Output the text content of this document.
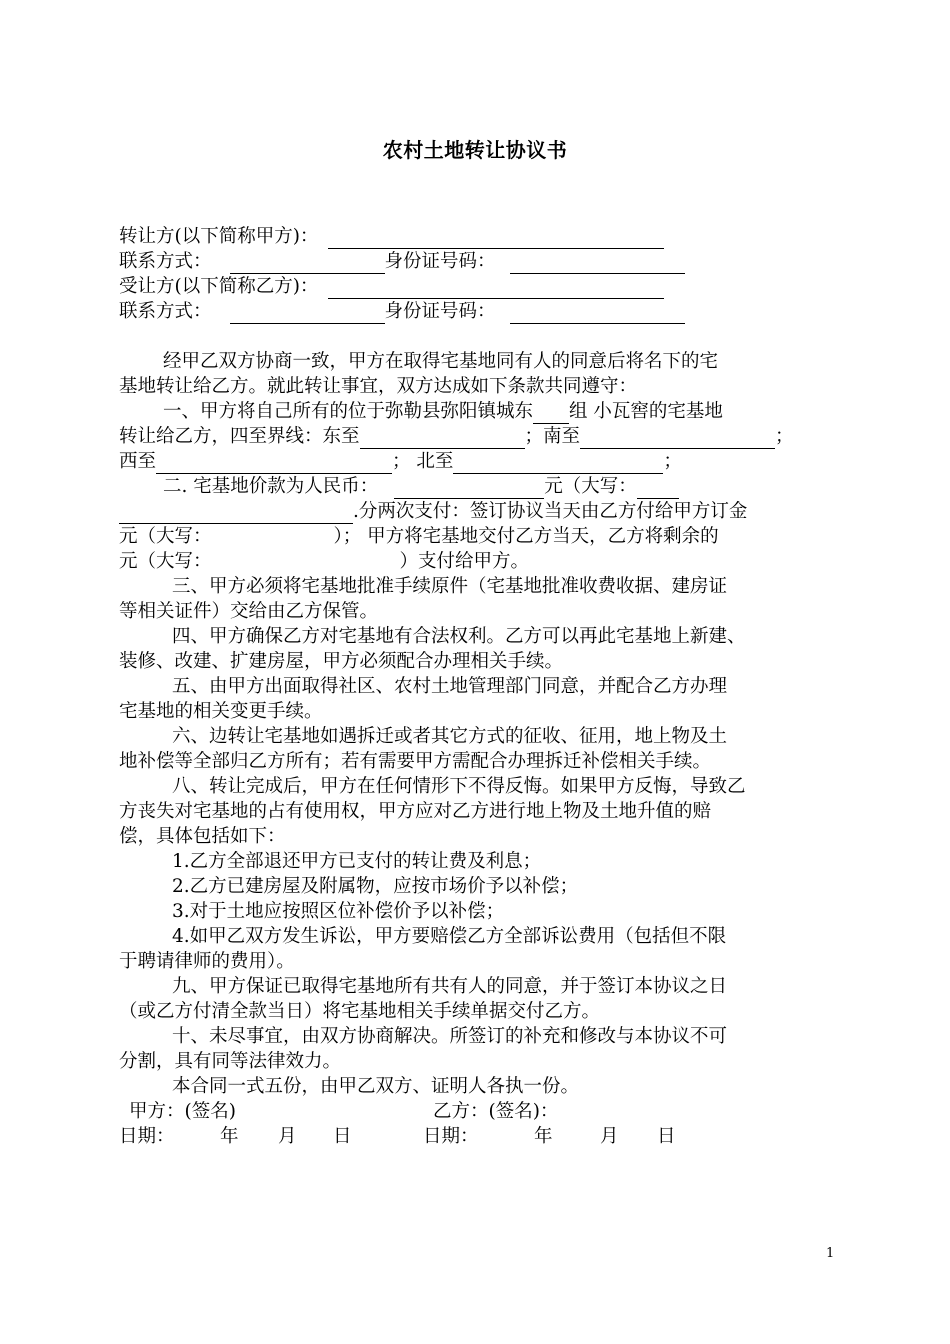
农村土地转让协议书
转让方(以下简称甲方)：
联系方式：	身份证号码：
受让方(以下简称乙方)：
联系方式：	身份证号码：
经甲乙双方协商一致，甲方在取得宅基地同有人的同意后将名下的宅
基地转让给乙方。就此转让事宜，双方达成如下条款共同遵守：
一、甲方将自己所有的位于弥勒县弥阳镇城东 组 小瓦窖的宅基地
转让给乙方，四至界线：东至	；南至	；
西至	； 北至	；
二. 宅基地价款为人民币：	元（大写：
.分两次支付：签订协议当天由乙方付给甲方订金
元（大写：	）； 甲方将宅基地交付乙方当天，乙方将剩余的
元（大写：	）支付给甲方。
三、甲方必须将宅基地批准手续原件（宅基地批准收费收据、建房证
等相关证件）交给由乙方保管。
四、甲方确保乙方对宅基地有合法权利。乙方可以再此宅基地上新建、
装修、改建、扩建房屋，甲方必须配合办理相关手续。
五、由甲方出面取得社区、农村土地管理部门同意，并配合乙方办理
宅基地的相关变更手续。
六、边转让宅基地如遇拆迁或者其它方式的征收、征用，地上物及土
地补偿等全部归乙方所有；若有需要甲方需配合办理拆迁补偿相关手续。
八、转让完成后，甲方在任何情形下不得反悔。如果甲方反悔，导致乙
方丧失对宅基地的占有使用权，甲方应对乙方进行地上物及土地升值的赔
偿，具体包括如下：
1.乙方全部退还甲方已支付的转让费及利息；
2.乙方已建房屋及附属物，应按市场价予以补偿；
3.对于土地应按照区位补偿价予以补偿；
4.如甲乙双方发生诉讼，甲方要赔偿乙方全部诉讼费用（包括但不限
于聘请律师的费用）。
九、甲方保证已取得宅基地所有共有人的同意，并于签订本协议之日
（或乙方付清全款当日）将宅基地相关手续单据交付乙方。
十、未尽事宜，由双方协商解决。所签订的补充和修改与本协议不可
分割，具有同等法律效力。
本合同一式五份，由甲乙双方、证明人各执一份。
甲方：(签名)	乙方：(签名)：
日期： 年 月 日	日期：	年	月 日
1
